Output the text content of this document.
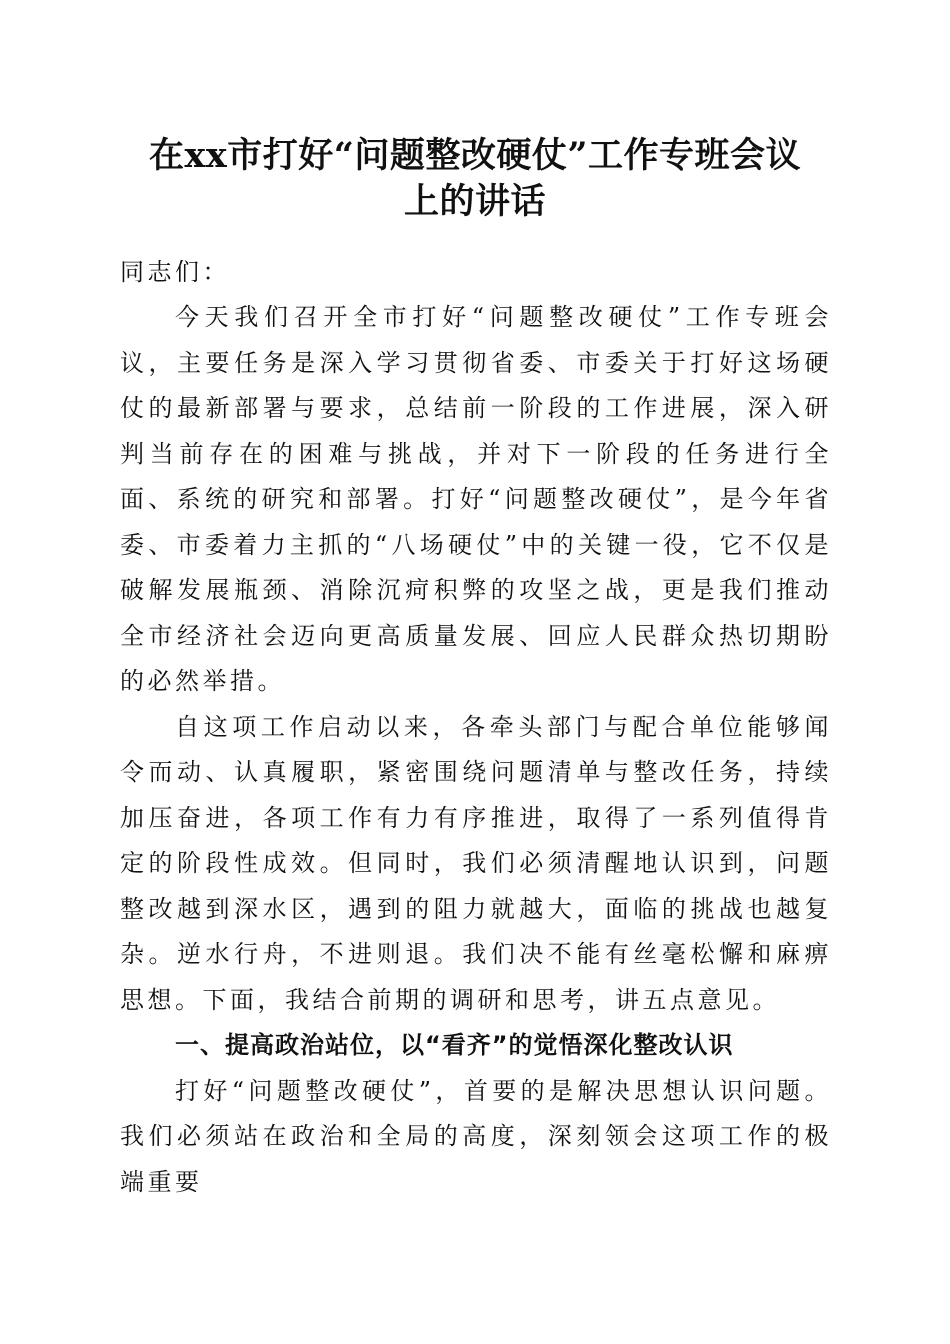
在xx市打好“问题整改硬仗”工作专班会议
上的讲话

同志们：

今天我们召开全市打好“问题整改硬仗”工作专班会议，主要任务是深入学习贯彻省委、市委关于打好这场硬仗的最新部署与要求，总结前一阶段的工作进展，深入研判当前存在的困难与挑战，并对下一阶段的任务进行全面、系统的研究和部署。打好“问题整改硬仗”，是今年省委、市委着力主抓的“八场硬仗”中的关键一役，它不仅是破解发展瓶颈、消除沉疴积弊的攻坚之战，更是我们推动全市经济社会迈向更高质量发展、回应人民群众热切期盼的必然举措。

自这项工作启动以来，各牵头部门与配合单位能够闻令而动、认真履职，紧密围绕问题清单与整改任务，持续加压奋进，各项工作有力有序推进，取得了一系列值得肯定的阶段性成效。但同时，我们必须清醒地认识到，问题整改越到深水区，遇到的阻力就越大，面临的挑战也越复杂。逆水行舟，不进则退。我们决不能有丝毫松懈和麻痹思想。下面，我结合前期的调研和思考，讲五点意见。

一、提高政治站位，以“看齐”的觉悟深化整改认识

打好“问题整改硬仗”，首要的是解决思想认识问题。我们必须站在政治和全局的高度，深刻领会这项工作的极端重要
